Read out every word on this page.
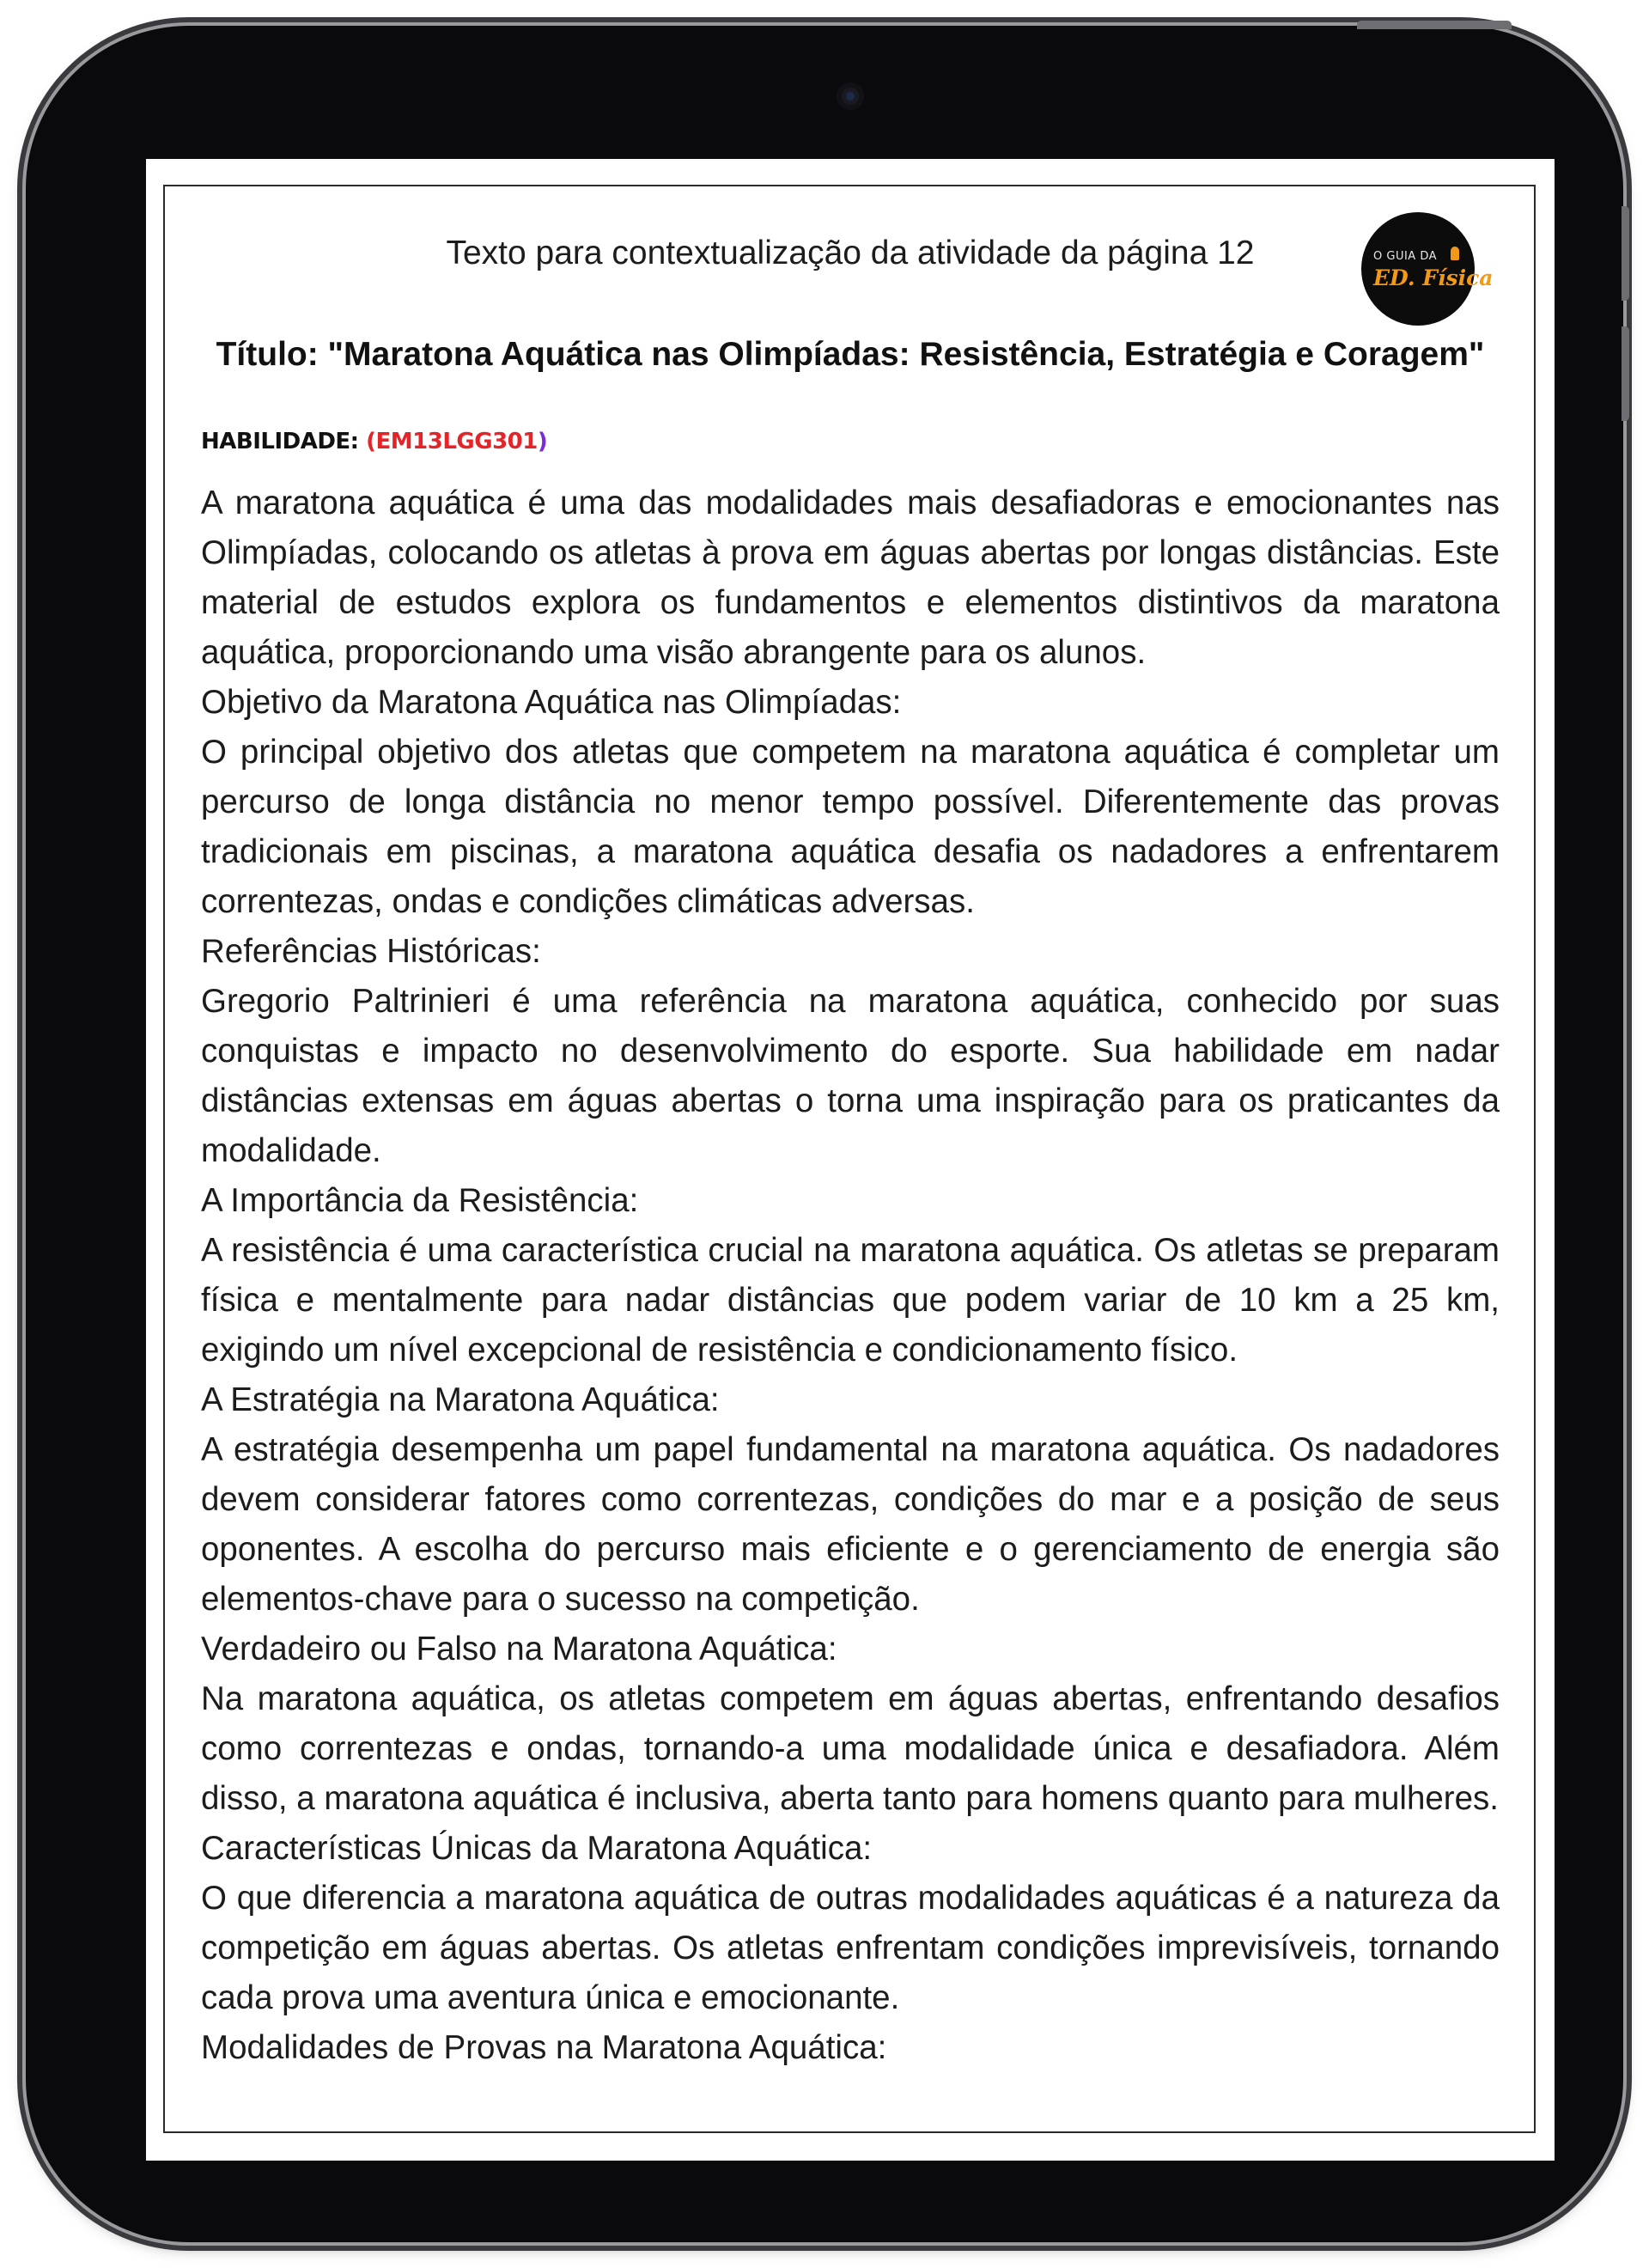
Texto para contextualização da atividade da página 12	O GUIA DA
ED. Física
Título: "Maratona Aquática nas Olimpíadas: Resistência, Estratégia e Coragem"
HABILIDADE: (EM13LGG301)

A maratona aquática é uma das modalidades mais desafiadoras e emocionantes nas Olimpíadas, colocando os atletas à prova em águas abertas por longas distâncias. Este material de estudos explora os fundamentos e elementos distintivos da maratona aquática, proporcionando uma visão abrangente para os alunos.

Objetivo da Maratona Aquática nas Olimpíadas:

O principal objetivo dos atletas que competem na maratona aquática é completar um percurso de longa distância no menor tempo possível. Diferentemente das provas tradicionais em piscinas, a maratona aquática desafia os nadadores a enfrentarem correntezas, ondas e condições climáticas adversas.

Referências Históricas:

Gregorio Paltrinieri é uma referência na maratona aquática, conhecido por suas conquistas e impacto no desenvolvimento do esporte. Sua habilidade em nadar distâncias extensas em águas abertas o torna uma inspiração para os praticantes da modalidade.

A Importância da Resistência:

A resistência é uma característica crucial na maratona aquática. Os atletas se preparam física e mentalmente para nadar distâncias que podem variar de 10 km a 25 km, exigindo um nível excepcional de resistência e condicionamento físico.

A Estratégia na Maratona Aquática:

A estratégia desempenha um papel fundamental na maratona aquática. Os nadadores devem considerar fatores como correntezas, condições do mar e a posição de seus oponentes. A escolha do percurso mais eficiente e o gerenciamento de energia são elementos-chave para o sucesso na competição.

Verdadeiro ou Falso na Maratona Aquática:

Na maratona aquática, os atletas competem em águas abertas, enfrentando desafios como correntezas e ondas, tornando-a uma modalidade única e desafiadora. Além disso, a maratona aquática é inclusiva, aberta tanto para homens quanto para mulheres.

Características Únicas da Maratona Aquática:

O que diferencia a maratona aquática de outras modalidades aquáticas é a natureza da competição em águas abertas. Os atletas enfrentam condições imprevisíveis, tornando cada prova uma aventura única e emocionante.

Modalidades de Provas na Maratona Aquática:
